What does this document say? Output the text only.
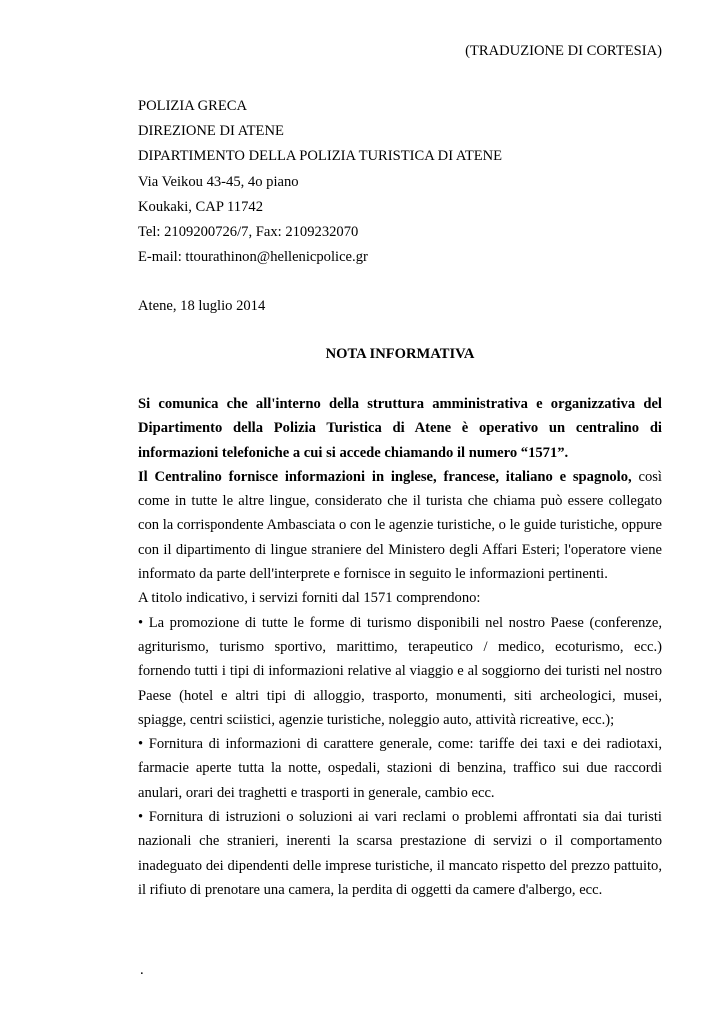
(TRADUZIONE DI CORTESIA)
POLIZIA GRECA
DIREZIONE DI ATENE
DIPARTIMENTO DELLA POLIZIA TURISTICA DI ATENE
Via Veikou 43-45, 4o piano
Koukaki, CAP 11742
Tel: 2109200726/7, Fax: 2109232070
E-mail: ttourathinon@hellenicpolice.gr
Atene, 18 luglio 2014
NOTA INFORMATIVA

Si comunica che all'interno della struttura amministrativa e organizzativa del Dipartimento della Polizia Turistica di Atene è operativo un centralino di informazioni telefoniche a cui si accede chiamando il numero “1571”.

Il Centralino fornisce informazioni in inglese, francese, italiano e spagnolo, così come in tutte le altre lingue, considerato che il turista che chiama può essere collegato con la corrispondente Ambasciata o con le agenzie turistiche, o le guide turistiche, oppure con il dipartimento di lingue straniere del Ministero degli Affari Esteri; l'operatore viene informato da parte dell'interprete e fornisce in seguito le informazioni pertinenti.

A titolo indicativo, i servizi forniti dal 1571 comprendono:

• La promozione di tutte le forme di turismo disponibili nel nostro Paese (conferenze, agriturismo, turismo sportivo, marittimo, terapeutico / medico, ecoturismo, ecc.) fornendo tutti i tipi di informazioni relative al viaggio e al soggiorno dei turisti nel nostro Paese (hotel e altri tipi di alloggio, trasporto, monumenti, siti archeologici, musei, spiagge, centri sciistici, agenzie turistiche, noleggio auto, attività ricreative, ecc.);

• Fornitura di informazioni di carattere generale, come: tariffe dei taxi e dei radiotaxi, farmacie aperte tutta la notte, ospedali, stazioni di benzina, traffico sui due raccordi anulari, orari dei traghetti e trasporti in generale, cambio ecc.

• Fornitura di istruzioni o soluzioni ai vari reclami o problemi affrontati sia dai turisti nazionali che stranieri, inerenti la scarsa prestazione di servizi o il comportamento inadeguato dei dipendenti delle imprese turistiche, il mancato rispetto del prezzo pattuito, il rifiuto di prenotare una camera, la perdita di oggetti da camere d'albergo, ecc.

.
